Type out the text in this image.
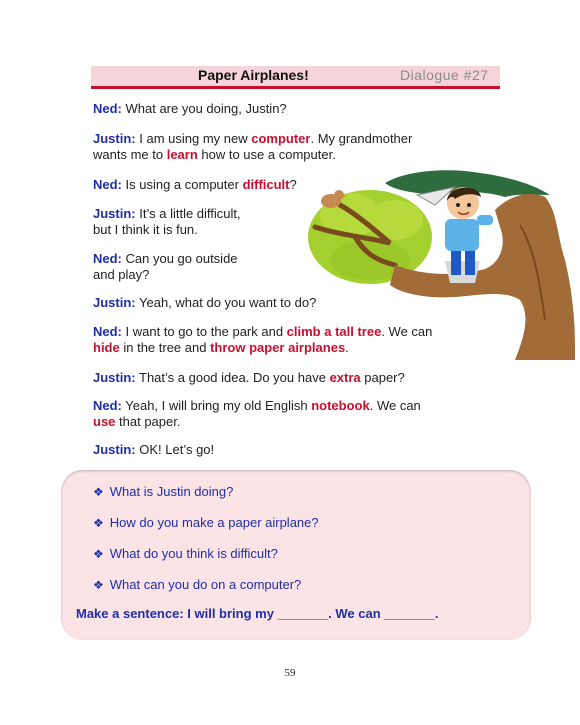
Paper Airplanes!	Dialogue #27
Ned: What are you doing, Justin?
Justin: I am using my new computer. My grandmother
wants me to learn how to use a computer.
Ned: Is using a computer difficult?
Justin: It’s a little difficult,
but I think it is fun.
Ned: Can you go outside
and play?
Justin: Yeah, what do you want to do?
Ned: I want to go to the park and climb a tall tree. We can
hide in the tree and throw paper airplanes.
Justin: That’s a good idea. Do you have extra paper?
Ned: Yeah, I will bring my old English notebook. We can
use that paper.
Justin: OK! Let’s go!
❖ What is Justin doing?
❖ How do you make a paper airplane?
❖ What do you think is difficult?
❖ What can you do on a computer?
Make a sentence: I will bring my _______. We can _______.
59
